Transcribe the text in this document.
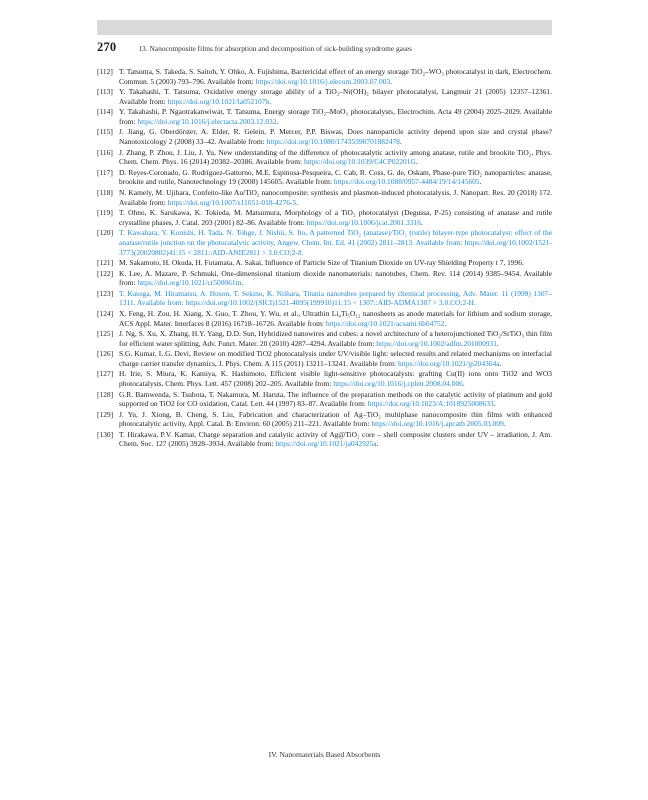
270	13. Nanocomposite films for absorption and decomposition of sick-building syndrome gases
[112] T. Tatsuma, S. Takeda, S. Saitoh, Y. Ohko, A. Fujishima, Bactericidal effect of an energy storage TiO₂–WO₃ photocatalyst in dark, Electrochem. Commun. 5 (2003) 793–796. Available from: https://doi.org/10.1016/j.elecom.2003.07.003.
[113] Y. Takahashi, T. Tatsuma, Oxidative energy storage ability of a TiO₂–Ni(OH)₂ bilayer photocatalyst, Langmuir 21 (2005) 12357–12361. Available from: https://doi.org/10.1021/la052107b.
[114] Y. Takahashi, P. Ngaotrakanwiwat, T. Tatsuma, Energy storage TiO₂–MoO₃ photocatalysts, Electrochim. Acta 49 (2004) 2025–2029. Available from: https://doi.org/10.1016/j.electacta.2003.12.032.
[115] J. Jiang, G. Oberdörster, A. Elder, R. Gelein, P. Mercer, P.P. Biswas, Does nanoparticle activity depend upon size and crystal phase? Nanotoxicology 2 (2008) 33–42. Available from: https://doi.org/10.1080/17435390701882478.
[116] J. Zhang, P. Zhou, J. Liu, J. Yu, New understanding of the difference of photocatalytic activity among anatase, rutile and brookite TiO₂, Phys. Chem. Chem. Phys. 16 (2014) 20382–20386. Available from: https://doi.org/10.1039/C4CP02201G.
[117] D. Reyes-Coronado, G. Rodríguez-Gattorno, M.E. Espinosa-Pesqueira, C. Cab, R. Coss, G. de, Oskam, Phase-pure TiO₂ nanoparticles: anatase, brookite and rutile, Nanotechnology 19 (2008) 145605. Available from: https://doi.org/10.1088/0957-4484/19/14/145605.
[118] N. Kamely, M. Ujihara, Confeito-like Au/TiO₂ nanocomposite: synthesis and plasmon-induced photocatalysis, J. Nanopart. Res. 20 (2018) 172. Available from: https://doi.org/10.1007/s11051-018-4276-5.
[119] T. Ohno, K. Sarukawa, K. Tokieda, M. Matsumura, Morphology of a TiO₂ photocatalyst (Degussa, P-25) consisting of anatase and rutile crystalline phases, J. Catal. 203 (2001) 82–86. Available from: https://doi.org/10.1006/jcat.2001.3316.
[120] T. Kawahara, Y. Konishi, H. Tada, N. Tohge, J. Nishii, S. Ito, A patterned TiO₂ (anatase)/TiO₂ (rutile) bilayer-type photocatalyst: effect of the anatase/rutile junction on the photocatalytic activity, Angew. Chem. Int. Ed. 41 (2002) 2811–2813. Available from: https://doi.org/10.1002/1521-3773(20020802)41:15 < 2811::AID-ANIE2811 > 3.0.CO;2-#.
[121] M. Sakamoto, H. Okuda, H. Futamata, A. Sakai, Influence of Particle Size of Titanium Dioxide on UV-ray Shielding Property t 7, 1996.
[122] K. Lee, A. Mazare, P. Schmuki, One-dimensional titanium dioxide nanomaterials: nanotubes, Chem. Rev. 114 (2014) 9385–9454. Available from: https://doi.org/10.1021/cr500061m.
[123] T. Kasuga, M. Hiramatsu, A. Hoson, T. Sekino, K. Niihara, Titania nanotubes prepared by chemical processing, Adv. Mater. 11 (1999) 1307–1311. Available from: https://doi.org/10.1002/(SICI)1521-4095(199910)11:15 < 1307::AID-ADMA1307 > 3.0.CO;2-H.
[124] X. Feng, H. Zou, H. Xiang, X. Guo, T. Zhou, Y. Wu, et al., Ultrathin Li₄Ti₅O₁₂ nanosheets as anode materials for lithium and sodium storage, ACS Appl. Mater. Interfaces 8 (2016) 16718–16726. Available from: https://doi.org/10.1021/acsami.6b04752.
[125] J. Ng, S. Xu, X. Zhang, H.Y. Yang, D.D. Sun, Hybridized nanowires and cubes: a novel architecture of a heterojunctioned TiO₂/SrTiO₃ thin film for efficient water splitting, Adv. Funct. Mater. 20 (2010) 4287–4294. Available from: https://doi.org/10.1002/adfm.201000931.
[126] S.G. Kumar, L.G. Devi, Review on modified TiO2 photocatalysis under UV/visible light: selected results and related mechanisms on interfacial charge carrier transfer dynamics, J. Phys. Chem. A 115 (2011) 13211–13241. Available from: https://doi.org/10.1021/jp204364a.
[127] H. Irie, S. Miura, K. Kamiya, K. Hashimoto, Efficient visible light-sensitive photocatalysts: grafting Cu(II) ions onto TiO2 and WO3 photocatalysts, Chem. Phys. Lett. 457 (2008) 202–205. Available from: https://doi.org/10.1016/j.cplett.2008.04.006.
[128] G.R. Bamwenda, S. Tsubota, T. Nakamura, M. Haruta, The influence of the preparation methods on the catalytic activity of platinum and gold supported on TiO2 for CO oxidation, Catal. Lett. 44 (1997) 83–87. Available from: https://doi.org/10.1023/A:1018925008633.
[129] J. Yu, J. Xiong, B. Cheng, S. Liu, Fabrication and characterization of Ag–TiO₂ multiphase nanocomposite thin films with enhanced photocatalytic activity, Appl. Catal. B: Environ. 60 (2005) 211–221. Available from: https://doi.org/10.1016/j.apcatb.2005.03.009.
[130] T. Hirakawa, P.V. Kamat, Charge separation and catalytic activity of Ag@TiO₂ core – shell composite clusters under UV – irradiation, J. Am. Chem. Soc. 127 (2005) 3928–3934. Available from: https://doi.org/10.1021/ja042925a.
IV. Nanomaterials Based Absorbents
